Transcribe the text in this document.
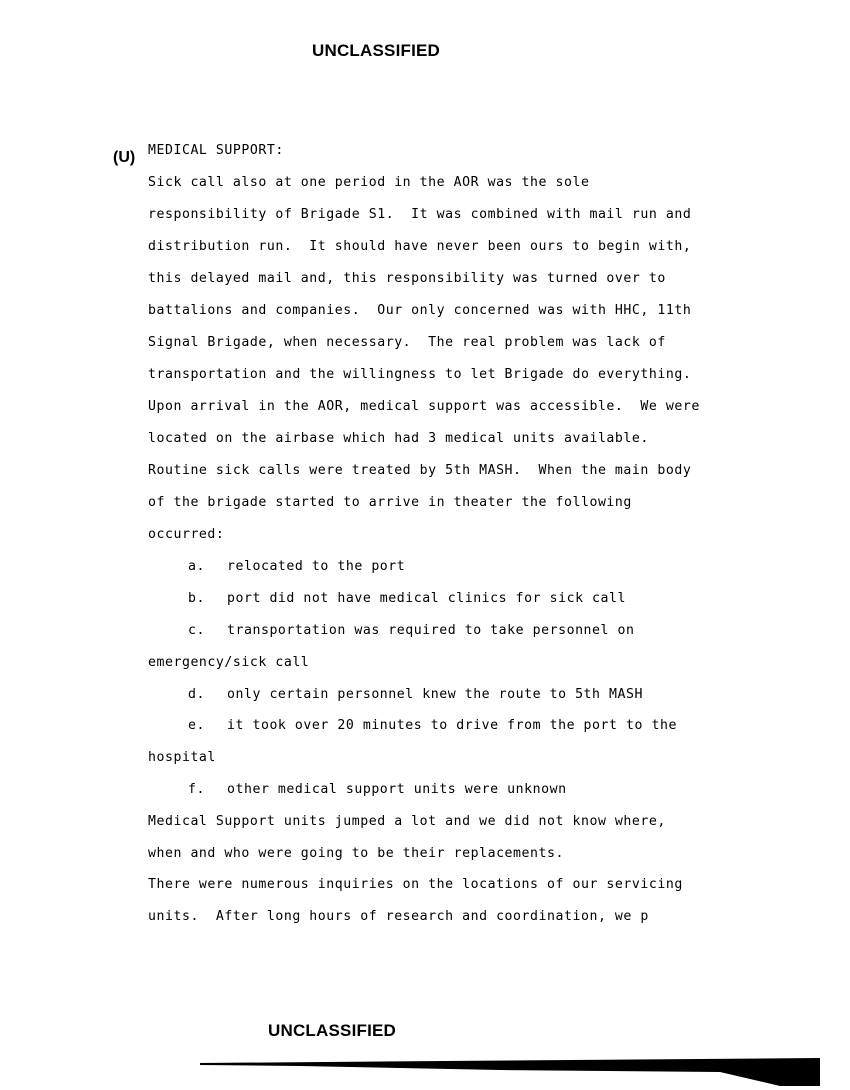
UNCLASSIFIED
(U) MEDICAL SUPPORT:
Sick call also at one period in the AOR was the sole
responsibility of Brigade S1.  It was combined with mail run and
distribution run.  It should have never been ours to begin with,
this delayed mail and, this responsibility was turned over to
battalions and companies.  Our only concerned was with HHC, 11th
Signal Brigade, when necessary.  The real problem was lack of
transportation and the willingness to let Brigade do everything.
Upon arrival in the AOR, medical support was accessible.  We were
located on the airbase which had 3 medical units available.
Routine sick calls were treated by 5th MASH.  When the main body
of the brigade started to arrive in theater the following
occurred:
a. relocated to the port
b. port did not have medical clinics for sick call
c. transportation was required to take personnel on
emergency/sick call
d. only certain personnel knew the route to 5th MASH
e. it took over 20 minutes to drive from the port to the
hospital
f. other medical support units were unknown
Medical Support units jumped a lot and we did not know where,
when and who were going to be their replacements.
There were numerous inquiries on the locations of our servicing
units.  After long hours of research and coordination, we p
UNCLASSIFIED
